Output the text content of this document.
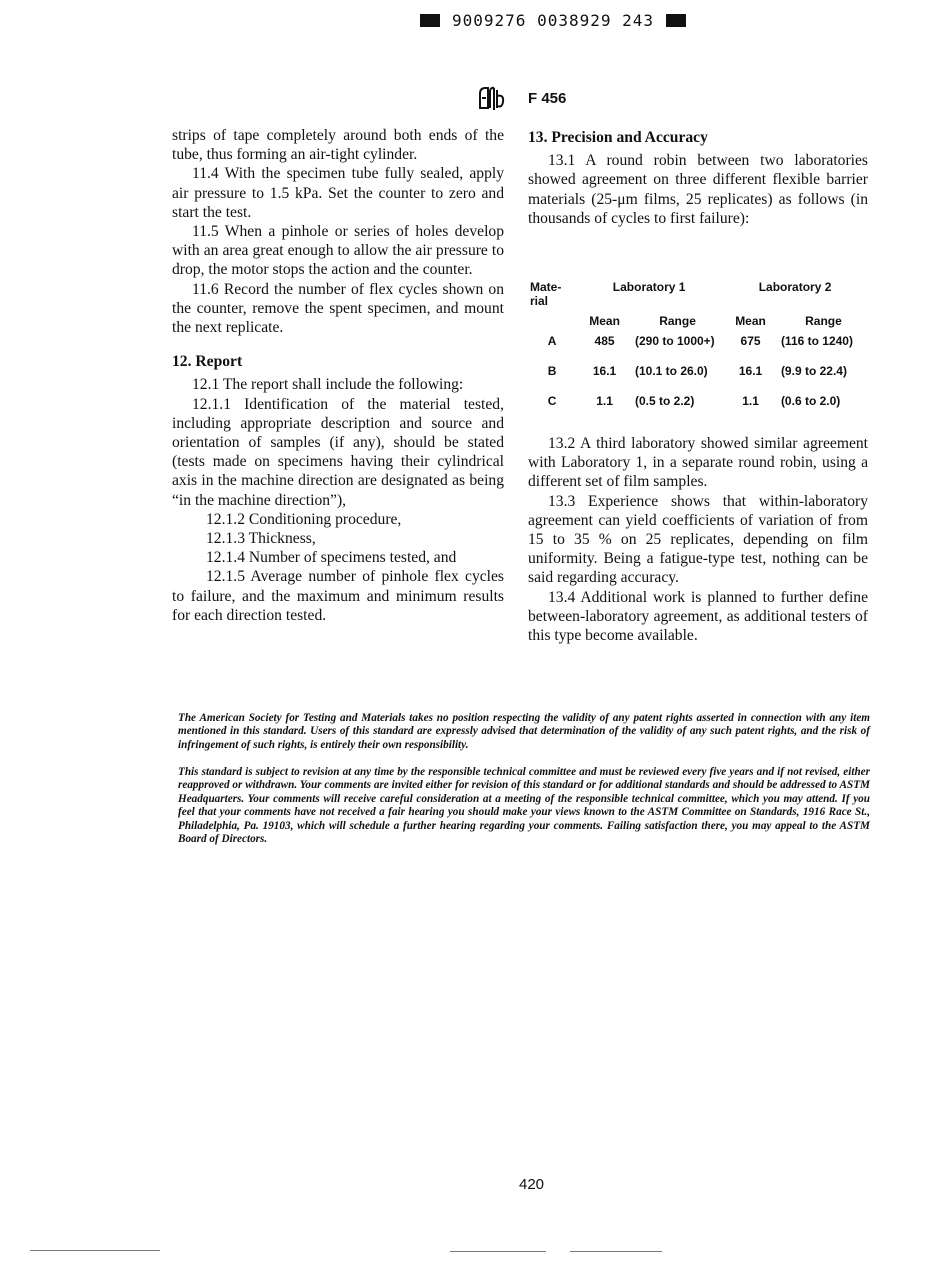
9009276 0038929 243
F 456

strips of tape completely around both ends of the tube, thus forming an air-tight cylinder.

11.4 With the specimen tube fully sealed, apply air pressure to 1.5 kPa. Set the counter to zero and start the test.

11.5 When a pinhole or series of holes develop with an area great enough to allow the air pressure to drop, the motor stops the action and the counter.

11.6 Record the number of flex cycles shown on the counter, remove the spent specimen, and mount the next replicate.

12. Report

12.1 The report shall include the following:

12.1.1 Identification of the material tested, including appropriate description and source and orientation of samples (if any), should be stated (tests made on specimens having their cylindrical axis in the machine direction are designated as being “in the machine direction”),

12.1.2 Conditioning procedure,

12.1.3 Thickness,

12.1.4 Number of specimens tested, and

12.1.5 Average number of pinhole flex cycles to failure, and the maximum and minimum results for each direction tested.

13. Precision and Accuracy

13.1 A round robin between two laboratories showed agreement on three different flexible barrier materials (25-μm films, 25 replicates) as follows (in thousands of cycles to first failure):

Mate-rial	Laboratory 1		Laboratory 2	
	Mean	Range	Mean	Range
A	485	(290 to 1000+)	675	(116 to 1240)
B	16.1	(10.1 to 26.0)	16.1	(9.9 to 22.4)
C	1.1	(0.5 to 2.2)	1.1	(0.6 to 2.0)

13.2 A third laboratory showed similar agreement with Laboratory 1, in a separate round robin, using a different set of film samples.

13.3 Experience shows that within-laboratory agreement can yield coefficients of variation of from 15 to 35 % on 25 replicates, depending on film uniformity. Being a fatigue-type test, nothing can be said regarding accuracy.

13.4 Additional work is planned to further define between-laboratory agreement, as additional testers of this type become available.

The American Society for Testing and Materials takes no position respecting the validity of any patent rights asserted in connection with any item mentioned in this standard. Users of this standard are expressly advised that determination of the validity of any such patent rights, and the risk of infringement of such rights, is entirely their own responsibility.
This standard is subject to revision at any time by the responsible technical committee and must be reviewed every five years and if not revised, either reapproved or withdrawn. Your comments are invited either for revision of this standard or for additional standards and should be addressed to ASTM Headquarters. Your comments will receive careful consideration at a meeting of the responsible technical committee, which you may attend. If you feel that your comments have not received a fair hearing you should make your views known to the ASTM Committee on Standards, 1916 Race St., Philadelphia, Pa. 19103, which will schedule a further hearing regarding your comments. Failing satisfaction there, you may appeal to the ASTM Board of Directors.
420
